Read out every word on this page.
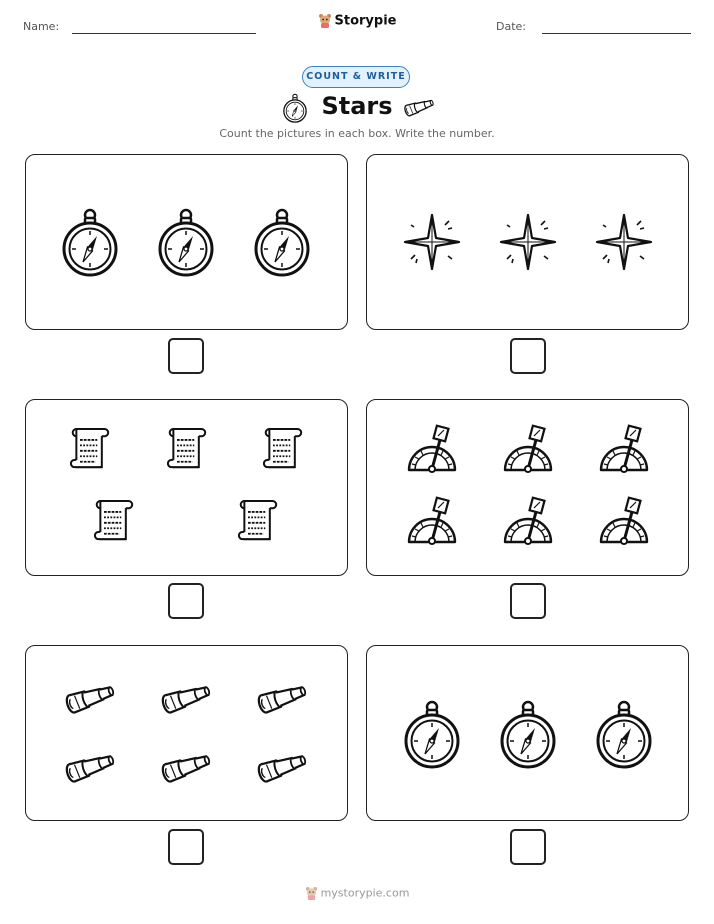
Name:	Storypie	Date:
COUNT & WRITE
Stars
Count the pictures in each box. Write the number.
mystorypie.com
